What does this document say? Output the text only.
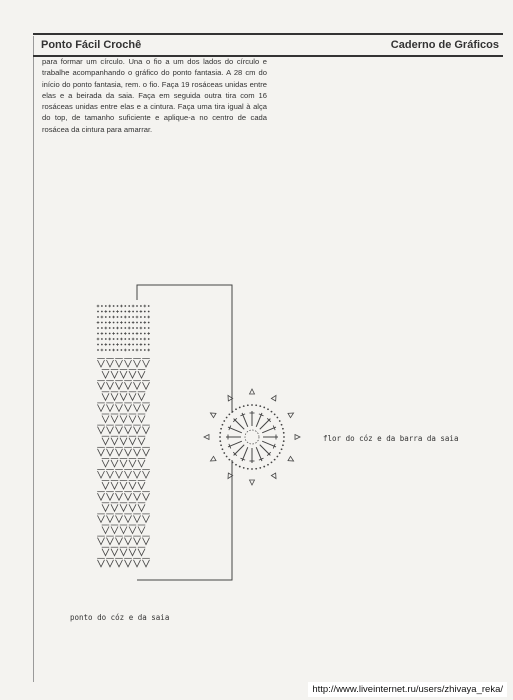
Ponto Fácil Crochê	Caderno de Gráficos

para formar um círculo. Una o fio a um dos lados do círculo e trabalhe acompanhando o gráfico do ponto fantasia. A 28 cm do início do ponto fantasia, rem. o fio. Faça 19 rosáceas unidas entre elas e a beirada da saia. Faça em seguida outra tira com 16 rosáceas unidas entre elas e a cintura. Faça uma tira igual à alça do top, de tamanho suficiente e aplique-a no centro de cada rosácea da cintura para amarrar.

flor do cóz e da barra da saia
ponto do cóz e da saia
http://www.liveinternet.ru/users/zhivaya_reka/
